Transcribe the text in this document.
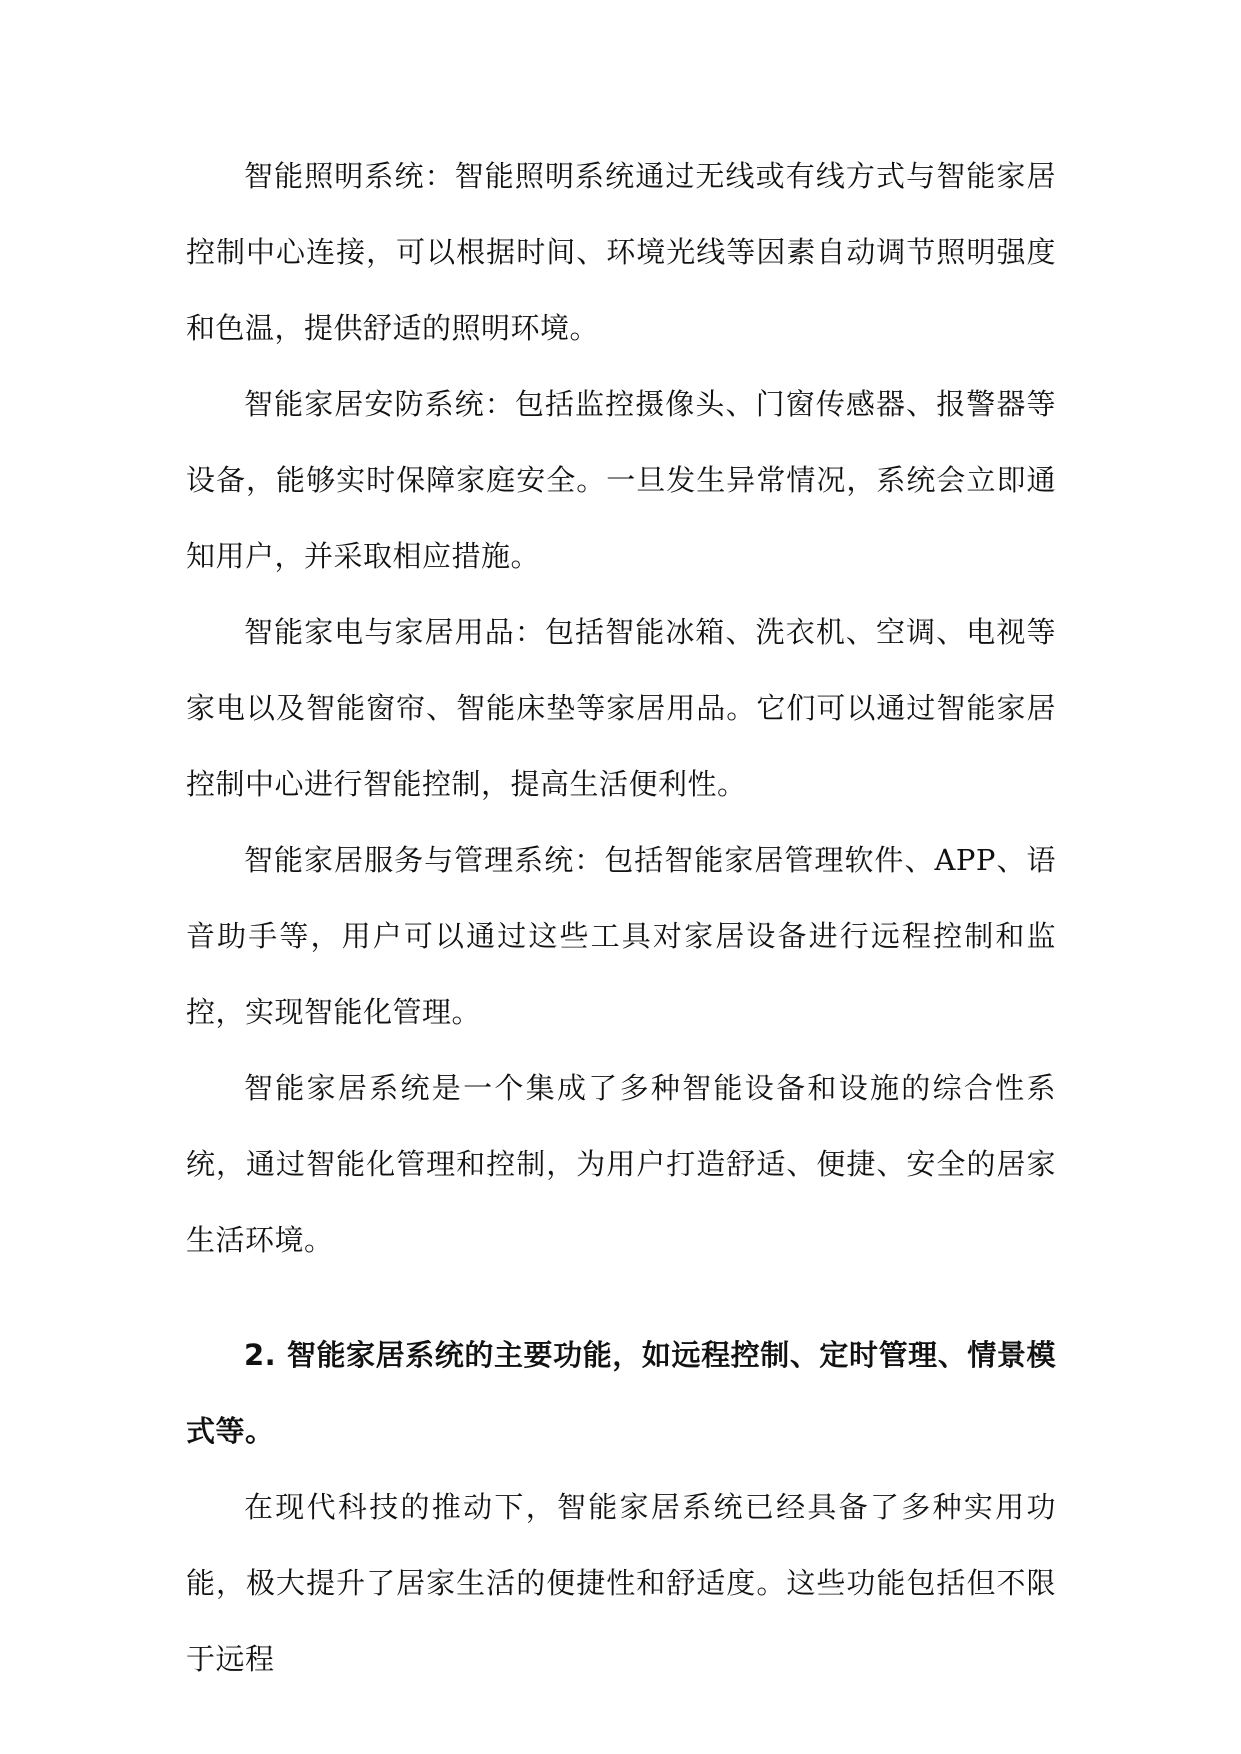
智能照明系统：智能照明系统通过无线或有线方式与智能家居控制中心连接，可以根据时间、环境光线等因素自动调节照明强度和色温，提供舒适的照明环境。

智能家居安防系统：包括监控摄像头、门窗传感器、报警器等设备，能够实时保障家庭安全。一旦发生异常情况，系统会立即通知用户，并采取相应措施。

智能家电与家居用品：包括智能冰箱、洗衣机、空调、电视等家电以及智能窗帘、智能床垫等家居用品。它们可以通过智能家居控制中心进行智能控制，提高生活便利性。

智能家居服务与管理系统：包括智能家居管理软件、APP、语音助手等，用户可以通过这些工具对家居设备进行远程控制和监控，实现智能化管理。

智能家居系统是一个集成了多种智能设备和设施的综合性系统，通过智能化管理和控制，为用户打造舒适、便捷、安全的居家生活环境。

2. 智能家居系统的主要功能，如远程控制、定时管理、情景模式等。

在现代科技的推动下，智能家居系统已经具备了多种实用功能，极大提升了居家生活的便捷性和舒适度。这些功能包括但不限于远程
